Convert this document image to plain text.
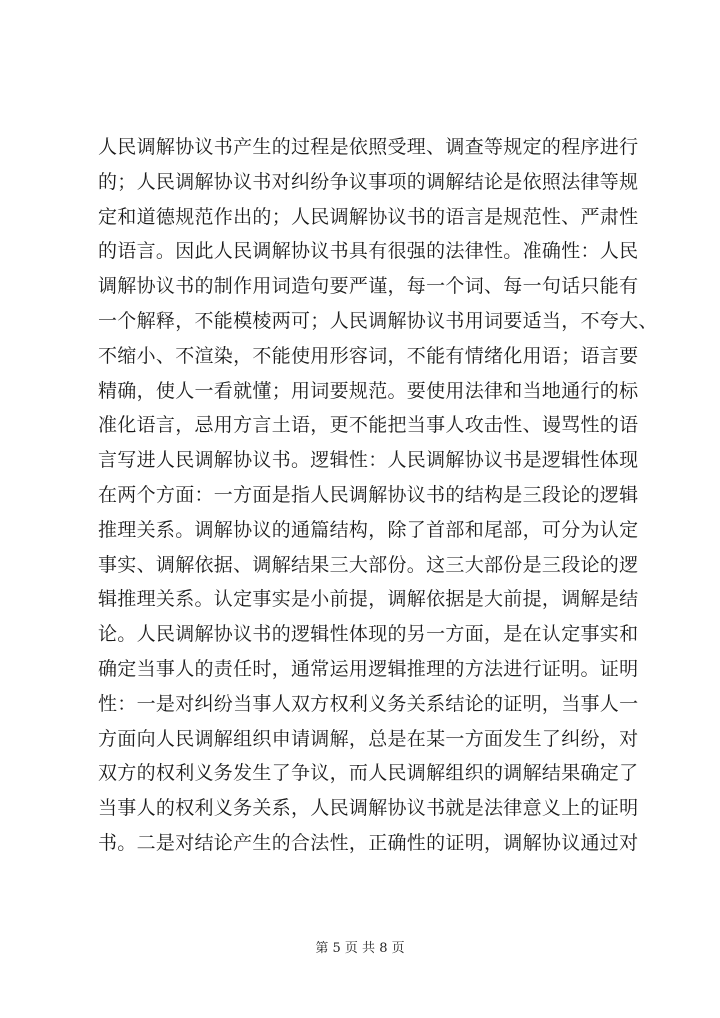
人民调解协议书产生的过程是依照受理、调查等规定的程序进行
的；人民调解协议书对纠纷争议事项的调解结论是依照法律等规
定和道德规范作出的；人民调解协议书的语言是规范性、严肃性
的语言。因此人民调解协议书具有很强的法律性。准确性：人民
调解协议书的制作用词造句要严谨，每一个词、每一句话只能有
一个解释，不能模棱两可；人民调解协议书用词要适当，不夸大、
不缩小、不渲染，不能使用形容词，不能有情绪化用语；语言要
精确，使人一看就懂；用词要规范。要使用法律和当地通行的标
准化语言，忌用方言土语，更不能把当事人攻击性、谩骂性的语
言写进人民调解协议书。逻辑性：人民调解协议书是逻辑性体现
在两个方面：一方面是指人民调解协议书的结构是三段论的逻辑
推理关系。调解协议的通篇结构，除了首部和尾部，可分为认定
事实、调解依据、调解结果三大部份。这三大部份是三段论的逻
辑推理关系。认定事实是小前提，调解依据是大前提，调解是结
论。人民调解协议书的逻辑性体现的另一方面，是在认定事实和
确定当事人的责任时，通常运用逻辑推理的方法进行证明。证明
性：一是对纠纷当事人双方权利义务关系结论的证明，当事人一
方面向人民调解组织申请调解，总是在某一方面发生了纠纷，对
双方的权利义务发生了争议，而人民调解组织的调解结果确定了
当事人的权利义务关系，人民调解协议书就是法律意义上的证明
书。二是对结论产生的合法性，正确性的证明，调解协议通过对
第 5 页 共 8 页
